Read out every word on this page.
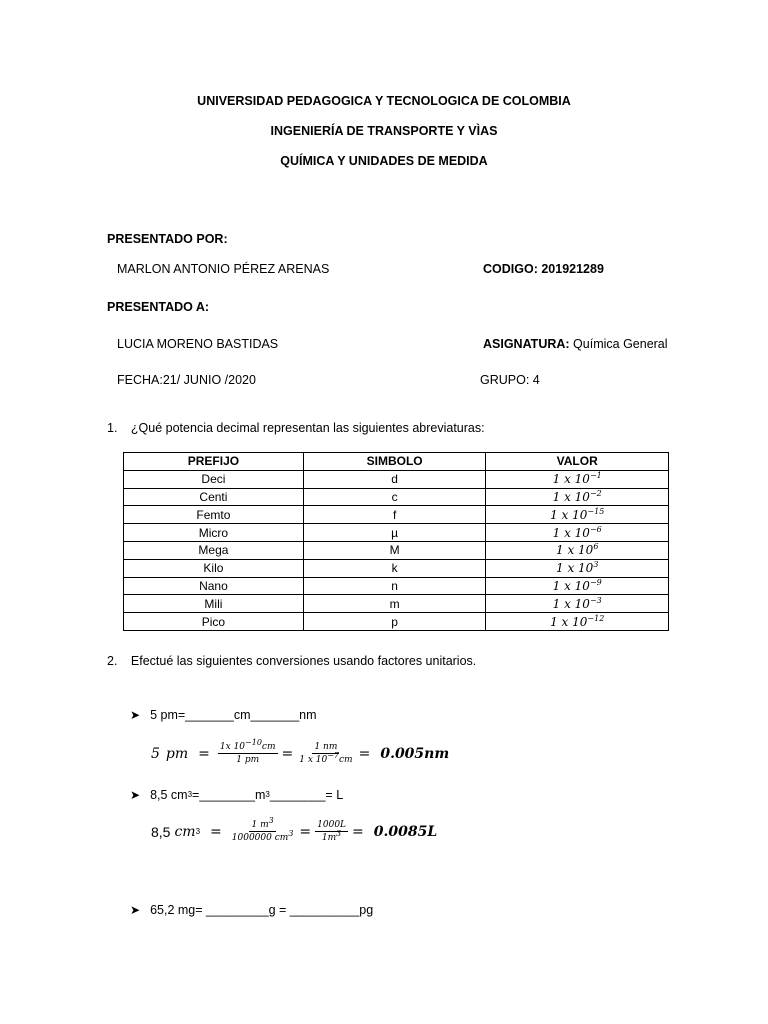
UNIVERSIDAD PEDAGOGICA Y TECNOLOGICA DE COLOMBIA
INGENIERÍA DE TRANSPORTE Y VÌAS
QUÍMICA Y UNIDADES DE MEDIDA
PRESENTADO POR:
MARLON ANTONIO PÉREZ ARENAS	CODIGO: 201921289
PRESENTADO A:
LUCIA MORENO BASTIDAS	ASIGNATURA: Química General
FECHA:21/ JUNIO /2020	GRUPO: 4
1. ¿Qué potencia decimal representan las siguientes abreviaturas:
PREFIJO	SIMBOLO	VALOR
Deci	d	1 x $10^{-1}$
Centi	c	1 x $10^{-2}$
Femto	f	1 x $10^{-15}$
Micro	µ	1 x $10^{-6}$
Mega	M	1 x $10^6$
Kilo	k	1 x $10^3$
Nano	n	1 x $10^{-9}$
Mili	m	1 x $10^{-3}$
Pico	p	1 x $10^{-12}$
2. Efectué las siguientes conversiones usando factores unitarios.
➤ 5 pm=_______cm_______nm
5 pm = $\frac{1x 10^{-10}cm}{1 pm} = \frac{1 nm}{1 x 10^{-7}cm} = 0.005nm$
➤ 8,5 cm 3 =________m 3 ________= L
8,5 cm $3 = \frac{1 m^3}{1000000 cm^3} = \frac{1000L}{1m^3} = 0.0085L$
➤ 65,2 mg= _________g = __________pg
